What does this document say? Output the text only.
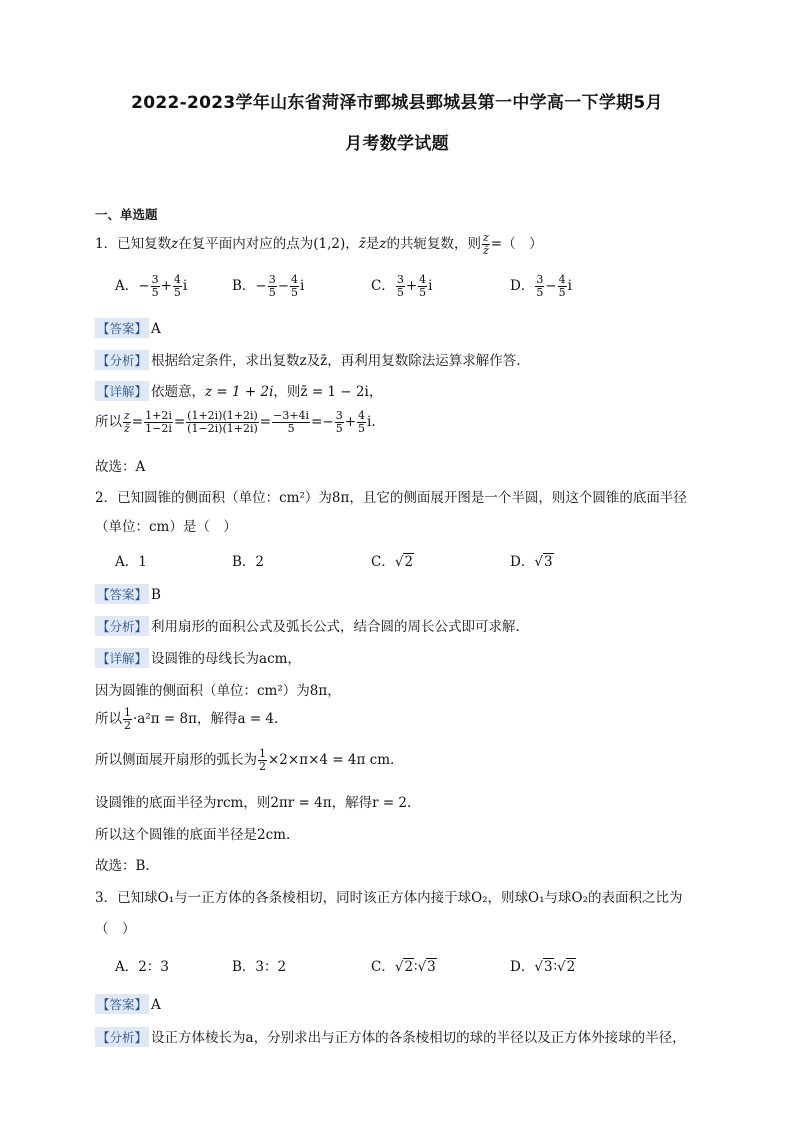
2022-2023学年山东省菏泽市鄄城县鄄城县第一中学高一下学期5月
月考数学试题
一、单选题
1．已知复数z在复平面内对应的点为(1,2)，z̄是z的共轭复数，则 $\frac{z}{z̄}$ =（　）
A．− $\frac{3}{5} + \frac{4}{5}$ i	B．− $\frac{3}{5} - \frac{4}{5}$ i	C． $\frac{3}{5} + \frac{4}{5}$ i	D． $\frac{3}{5} - \frac{4}{5}$ i
【答案】 A
【分析】 根据给定条件，求出复数z及z̄，再利用复数除法运算求解作答.
【详解】 依题意，z = 1 + 2i，则z̄ = 1 − 2i，
所以 $\frac{z}{z̄} = \frac{1+2i}{1-2i} = \frac{(1+2i)(1+2i)}{(1-2i)(1+2i)} = \frac{-3+4i}{5} =- \frac{3}{5} + \frac{4}{5} i$.
故选：A
2．已知圆锥的侧面积（单位：cm²）为8π，且它的侧面展开图是一个半圆，则这个圆锥的底面半径
（单位：cm）是（　）
A．1	B．2	C．√2	D．√3
【答案】 B
【分析】 利用扇形的面积公式及弧长公式，结合圆的周长公式即可求解.
【详解】 设圆锥的母线长为acm，
因为圆锥的侧面积（单位：cm²）为8π，
所以 $\frac{1}{2} \cdot a^2\pi = 8\pi$，解得a = 4.
所以侧面展开扇形的弧长为 $\frac{1}{2} \times 2\times\pi\times 4 = 4\pi$ cm.
设圆锥的底面半径为rcm，则2πr = 4π，解得r = 2.
所以这个圆锥的底面半径是2cm.
故选：B.
3．已知球O₁与一正方体的各条棱相切，同时该正方体内接于球O₂，则球O₁与球O₂的表面积之比为
（　）
A．2：3	B．3：2	C．√2∶√3	D．√3∶√2
【答案】 A
【分析】 设正方体棱长为a，分别求出与正方体的各条棱相切的球的半径以及正方体外接球的半径，
